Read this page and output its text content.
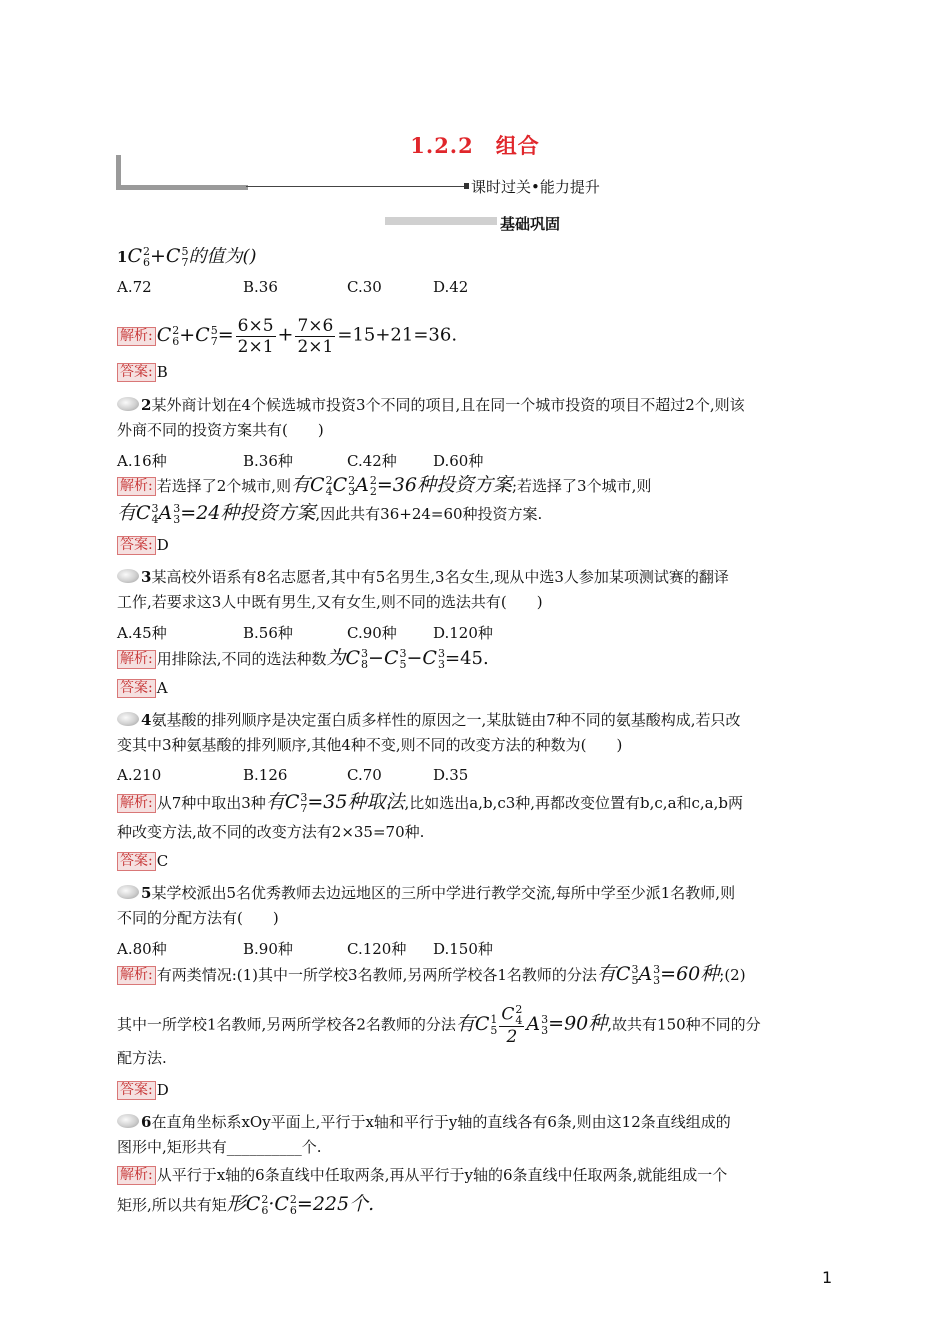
1.2.2　组合
课时过关•能力提升
基础巩固
1C 2
6 +C 5
7 的值为()
A.72	B.36	C.30	D.42
解析: C 2
6 +C 5
$7 = \frac{6\times 5}{2\times 1} + \frac{7\times 6}{2\times 1} =15+21=36$.
答案: B
2某外商计划在4个候选城市投资3个不同的项目,且在同一个城市投资的项目不超过2个,则该
外商不同的投资方案共有(　　)
A.16种	B.36种	C.42种 D.60种
解析: 若选择了2个城市,则有C 2
4 C 2
3 A 2
2 =36种投资方案;若选择了3个城市,则
有C 3
4 A 3
3 =24种投资方案,因此共有36+24=60种投资方案.
答案: D
3某高校外语系有8名志愿者,其中有5名男生,3名女生,现从中选3人参加某项测试赛的翻译
工作,若要求这3人中既有男生,又有女生,则不同的选法共有(　　)
A.45种	B.56种	C.90种 D.120种
解析: 用排除法,不同的选法种数为C 3
8 −C 3
5 −C 3
3 =45.
答案: A
4氨基酸的排列顺序是决定蛋白质多样性的原因之一,某肽链由7种不同的氨基酸构成,若只改
变其中3种氨基酸的排列顺序,其他4种不变,则不同的改变方法的种数为(　　)
A.210	B.126	C.70	D.35
解析: 从7种中取出3种有C 3
7 =35种取法,比如选出a,b,c3种,再都改变位置有b,c,a和c,a,b两
种改变方法,故不同的改变方法有2×35=70种.
答案: C
5某学校派出5名优秀教师去边远地区的三所中学进行教学交流,每所中学至少派1名教师,则
不同的分配方法有(　　)
A.80种	B.90种	C.120种 D.150种
解析: 有两类情况:(1)其中一所学校3名教师,另两所学校各1名教师的分法有C 3
5 A 3
3 =60种;(2)
其中一所学校1名教师,另两所学校各2名教师的分法有C 1
5 C 2
4
2 A 3
3 =90种,故共有150种不同的分
配方法.
答案: D
6在直角坐标系xOy平面上,平行于x轴和平行于y轴的直线各有6条,则由这12条直线组成的
图形中,矩形共有__________个.
解析: 从平行于x轴的6条直线中任取两条,再从平行于y轴的6条直线中任取两条,就能组成一个
矩形,所以共有矩形C 2
6 ·C 2
6 =225个.
1
